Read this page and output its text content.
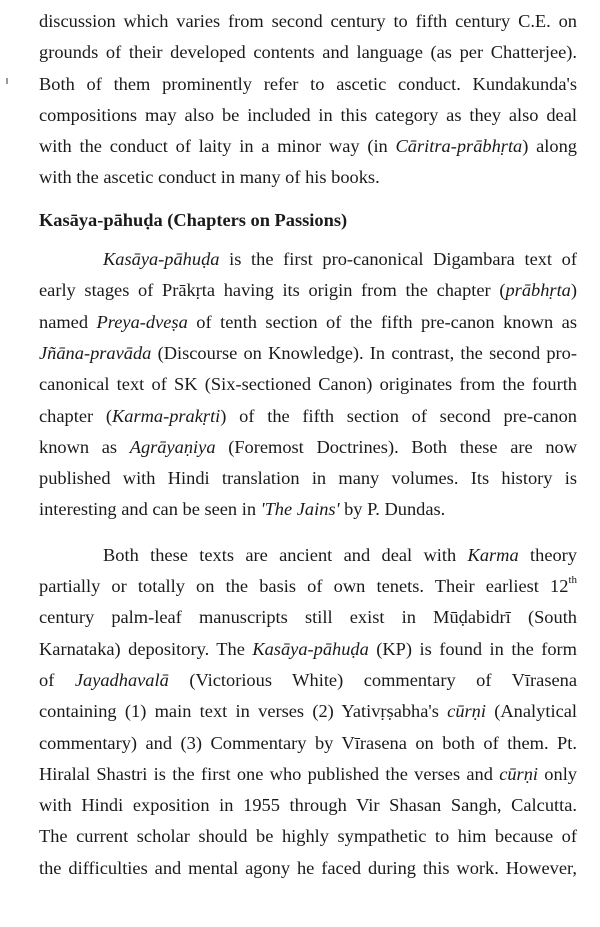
discussion which varies from second century to fifth century C.E. on
grounds of their developed contents and language (as per Chatterjee).
Both of them prominently refer to ascetic conduct. Kundakunda's
compositions may also be included in this category as they also deal
with the conduct of laity in a minor way (in Cāritra-prābhṛta) along
with the ascetic conduct in many of his books.
Kasāya-pāhuḍa (Chapters on Passions)
Kasāya-pāhuḍa is the first pro-canonical Digambara text of
early stages of Prākṛta having its origin from the chapter (prābhṛta)
named Preya-dveṣa of tenth section of the fifth pre-canon known as
Jñāna-pravāda (Discourse on Knowledge). In contrast, the second pro-
canonical text of SK (Six-sectioned Canon) originates from the fourth
chapter (Karma-prakṛti) of the fifth section of second pre-canon
known as Agrāyaṇiya (Foremost Doctrines). Both these are now
published with Hindi translation in many volumes. Its history is
interesting and can be seen in 'The Jains' by P. Dundas.
Both these texts are ancient and deal with Karma theory
partially or totally on the basis of own tenets. Their earliest 12th
century palm-leaf manuscripts still exist in Mūḍabidrī (South
Karnataka) depository. The Kasāya-pāhuḍa (KP) is found in the form
of Jayadhavalā (Victorious White) commentary of Vīrasena
containing (1) main text in verses (2) Yativṛṣabha's cūrṇi (Analytical
commentary) and (3) Commentary by Vīrasena on both of them. Pt.
Hiralal Shastri is the first one who published the verses and cūrṇi only
with Hindi exposition in 1955 through Vir Shasan Sangh, Calcutta.
The current scholar should be highly sympathetic to him because of
the difficulties and mental agony he faced during this work. However,
